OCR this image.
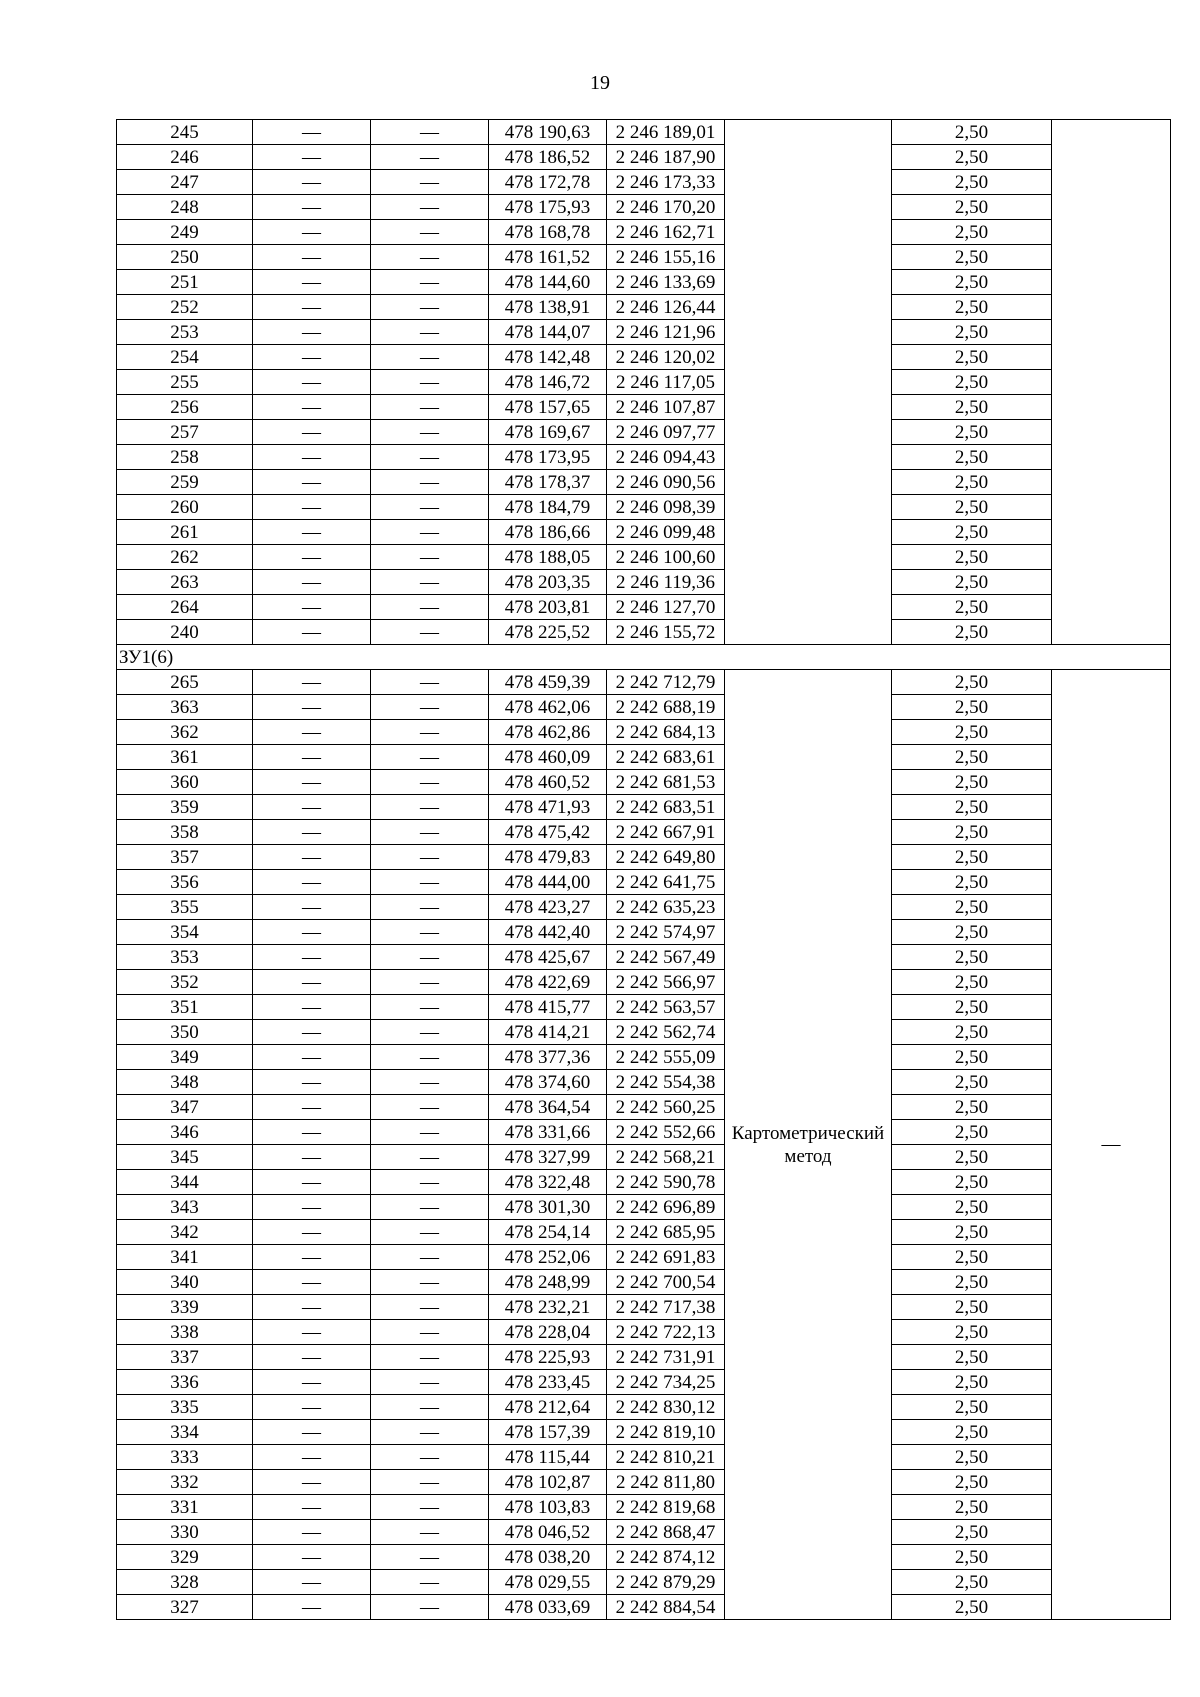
19
245	—	—	478 190,63	2 246 189,01		2,50	
246	—	—	478 186,52	2 246 187,90		2,50	
247	—	—	478 172,78	2 246 173,33		2,50	
248	—	—	478 175,93	2 246 170,20		2,50	
249	—	—	478 168,78	2 246 162,71		2,50	
250	—	—	478 161,52	2 246 155,16		2,50	
251	—	—	478 144,60	2 246 133,69		2,50	
252	—	—	478 138,91	2 246 126,44		2,50	
253	—	—	478 144,07	2 246 121,96		2,50	
254	—	—	478 142,48	2 246 120,02		2,50	
255	—	—	478 146,72	2 246 117,05		2,50	
256	—	—	478 157,65	2 246 107,87		2,50	
257	—	—	478 169,67	2 246 097,77		2,50	
258	—	—	478 173,95	2 246 094,43		2,50	
259	—	—	478 178,37	2 246 090,56		2,50	
260	—	—	478 184,79	2 246 098,39		2,50	
261	—	—	478 186,66	2 246 099,48		2,50	
262	—	—	478 188,05	2 246 100,60		2,50	
263	—	—	478 203,35	2 246 119,36		2,50	
264	—	—	478 203,81	2 246 127,70		2,50	
240	—	—	478 225,52	2 246 155,72		2,50	
ЗУ1(6)							
265	—	—	478 459,39	2 242 712,79	Картометрический метод	2,50	—
363	—	—	478 462,06	2 242 688,19		2,50	
362	—	—	478 462,86	2 242 684,13		2,50	
361	—	—	478 460,09	2 242 683,61		2,50	
360	—	—	478 460,52	2 242 681,53		2,50	
359	—	—	478 471,93	2 242 683,51		2,50	
358	—	—	478 475,42	2 242 667,91		2,50	
357	—	—	478 479,83	2 242 649,80		2,50	
356	—	—	478 444,00	2 242 641,75		2,50	
355	—	—	478 423,27	2 242 635,23		2,50	
354	—	—	478 442,40	2 242 574,97		2,50	
353	—	—	478 425,67	2 242 567,49		2,50	
352	—	—	478 422,69	2 242 566,97		2,50	
351	—	—	478 415,77	2 242 563,57		2,50	
350	—	—	478 414,21	2 242 562,74		2,50	
349	—	—	478 377,36	2 242 555,09		2,50	
348	—	—	478 374,60	2 242 554,38		2,50	
347	—	—	478 364,54	2 242 560,25		2,50	
346	—	—	478 331,66	2 242 552,66		2,50	
345	—	—	478 327,99	2 242 568,21		2,50	
344	—	—	478 322,48	2 242 590,78		2,50	
343	—	—	478 301,30	2 242 696,89		2,50	
342	—	—	478 254,14	2 242 685,95		2,50	
341	—	—	478 252,06	2 242 691,83		2,50	
340	—	—	478 248,99	2 242 700,54		2,50	
339	—	—	478 232,21	2 242 717,38		2,50	
338	—	—	478 228,04	2 242 722,13		2,50	
337	—	—	478 225,93	2 242 731,91		2,50	
336	—	—	478 233,45	2 242 734,25		2,50	
335	—	—	478 212,64	2 242 830,12		2,50	
334	—	—	478 157,39	2 242 819,10		2,50	
333	—	—	478 115,44	2 242 810,21		2,50	
332	—	—	478 102,87	2 242 811,80		2,50	
331	—	—	478 103,83	2 242 819,68		2,50	
330	—	—	478 046,52	2 242 868,47		2,50	
329	—	—	478 038,20	2 242 874,12		2,50	
328	—	—	478 029,55	2 242 879,29		2,50	
327	—	—	478 033,69	2 242 884,54		2,50	
